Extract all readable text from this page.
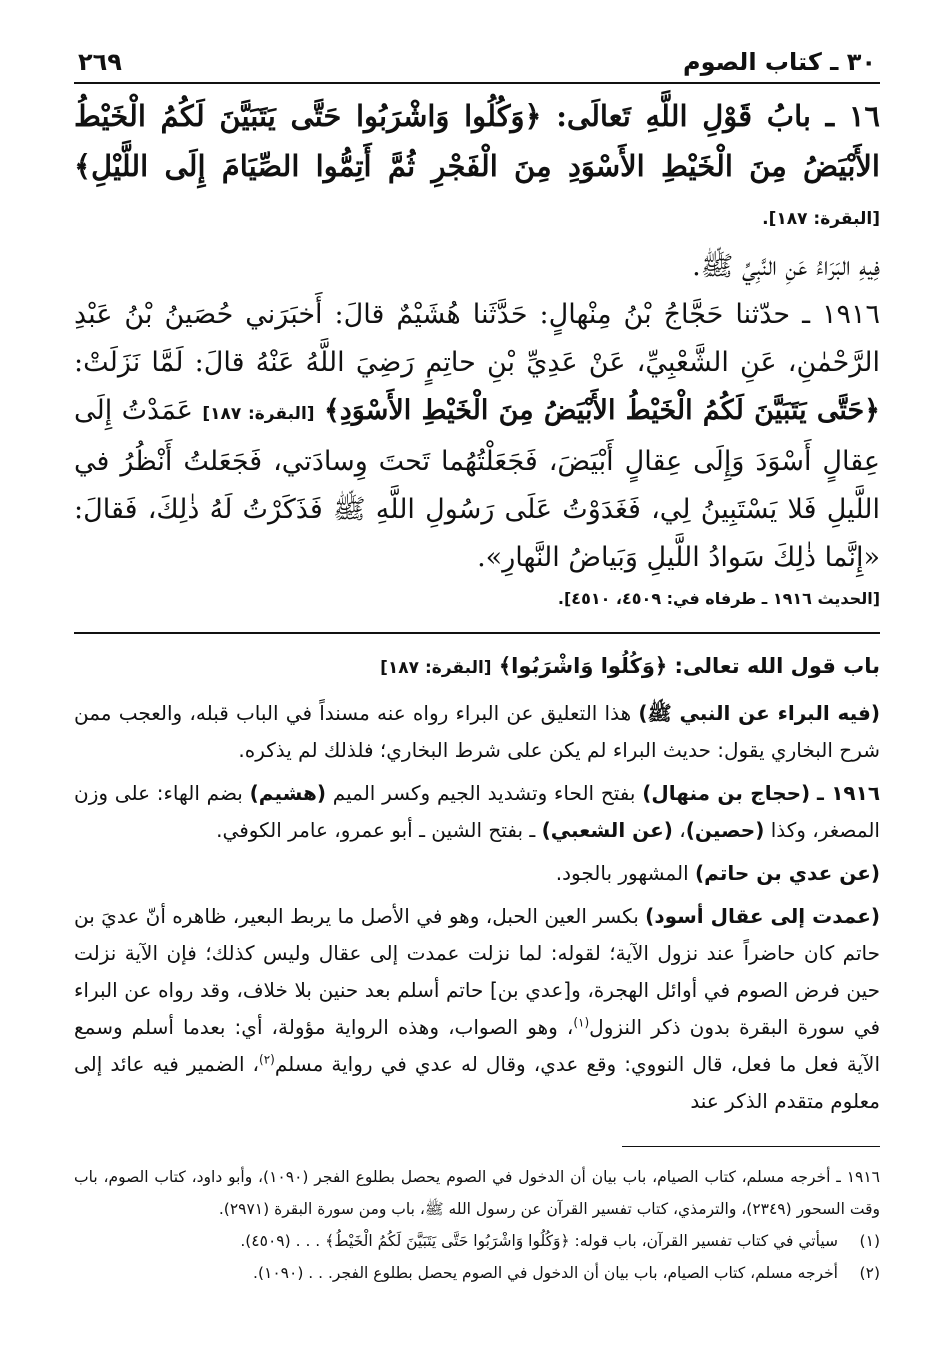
٣٠ ـ كتاب الصوم
٢٦٩

١٦ ـ بابُ قَوْلِ اللَّهِ تَعالَى: ﴿وَكُلُوا وَاشْرَبُوا حَتَّى يَتَبَيَّنَ لَكُمُ الْخَيْطُ الأَبْيَضُ مِنَ الْخَيْطِ الأَسْوَدِ مِنَ الْفَجْرِ ثُمَّ أَتِمُّوا الصِّيَامَ إِلَى اللَّيْلِ﴾ [البقرة: ١٨٧].

فِيهِ البَرَاءُ عَنِ النَّبِيِّ ﷺ.

١٩١٦ ـ حدّثنا حَجَّاجُ بْنُ مِنْهالٍ: حَدَّثَنا هُشَيْمٌ قالَ: أَخبَرَني حُصَينُ بْنُ عَبْدِ الرَّحْمٰنِ، عَنِ الشَّعْبِيِّ، عَنْ عَدِيِّ بْنِ حاتِمٍ رَضِيَ اللَّهُ عَنْهُ قالَ: لَمَّا نَزَلَتْ: ﴿حَتَّى يَتَبَيَّنَ لَكُمُ الْخَيْطُ الأَبْيَضُ مِنَ الْخَيْطِ الأَسْوَدِ﴾ [البقرة: ١٨٧] عَمَدْتُ إِلَى عِقالٍ أَسْوَدَ وَإِلَى عِقالٍ أَبْيَضَ، فَجَعَلْتُهُما تَحتَ وِسادَتي، فَجَعَلتُ أَنْظُرُ في اللَّيلِ فَلا يَسْتَبِينُ لِي، فَغَدَوْتُ عَلَى رَسُولِ اللَّهِ ﷺ فَذَكَرْتُ لَهُ ذٰلِكَ، فَقالَ: «إِنَّما ذٰلِكَ سَوادُ اللَّيلِ وَبَياضُ النَّهارِ».

[الحديث ١٩١٦ ـ طرفاه في: ٤٥٠٩، ٤٥١٠].

باب قول الله تعالى: ﴿وَكُلُوا وَاشْرَبُوا﴾ [البقرة: ١٨٧]

(فيه البراء عن النبي ﷺ) هذا التعليق عن البراء رواه عنه مسنداً في الباب قبله، والعجب ممن شرح البخاري يقول: حديث البراء لم يكن على شرط البخاري؛ فلذلك لم يذكره.

١٩١٦ ـ (حجاج بن منهال) بفتح الحاء وتشديد الجيم وكسر الميم (هشيم) بضم الهاء: على وزن المصغر، وكذا (حصين)، (عن الشعبي) ـ بفتح الشين ـ أبو عمرو، عامر الكوفي.

(عن عدي بن حاتم) المشهور بالجود.

(عمدت إلى عقال أسود) بكسر العين الحبل، وهو في الأصل ما يربط البعير، ظاهره أنّ عديَ بن حاتم كان حاضراً عند نزول الآية؛ لقوله: لما نزلت عمدت إلى عقال وليس كذلك؛ فإن الآية نزلت حين فرض الصوم في أوائل الهجرة، و[عدي بن] حاتم أسلم بعد حنين بلا خلاف، وقد رواه عن البراء في سورة البقرة بدون ذكر النزول$^{(١)}$، وهو الصواب، وهذه الرواية مؤولة، أي: بعدما أسلم وسمع الآية فعل ما فعل، قال النووي: وقع عدي، وقال له عدي في رواية مسلم$^{(٢)}$، الضمير فيه عائد إلى معلوم متقدم الذكر عند

١٩١٦ ـ أخرجه مسلم، كتاب الصيام، باب بيان أن الدخول في الصوم يحصل بطلوع الفجر (١٠٩٠)، وأبو داود، كتاب الصوم، باب وقت السحور (٢٣٤٩)، والترمذي، كتاب تفسير القرآن عن رسول الله ﷺ، باب ومن سورة البقرة (٢٩٧١).

(١)
سيأتي في كتاب تفسير القرآن، باب قوله: ﴿وَكُلُوا وَاشْرَبُوا حَتَّى يَتَبَيَّنَ لَكُمُ الْخَيْطُ﴾ . . . (٤٥٠٩).
(٢)
أخرجه مسلم، كتاب الصيام، باب بيان أن الدخول في الصوم يحصل بطلوع الفجر. . . (١٠٩٠).
